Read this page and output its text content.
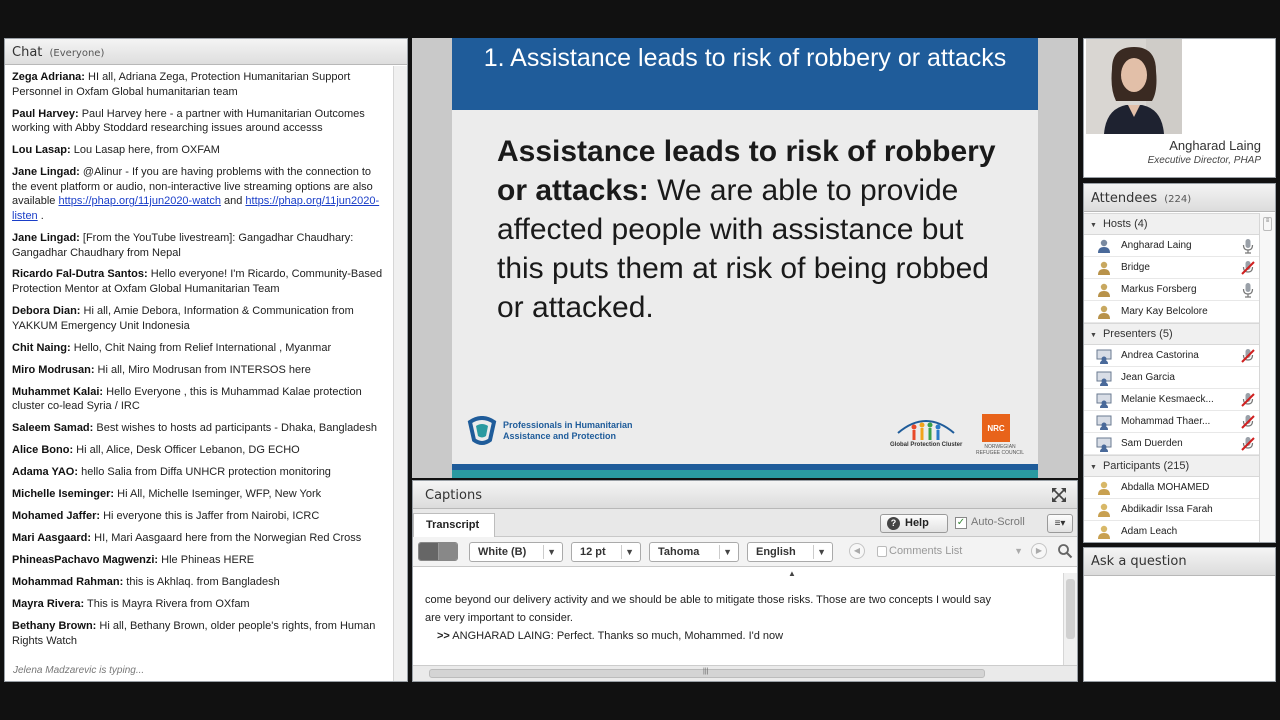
Chat (Everyone)
Zega Adriana: HI all, Adriana Zega, Protection Humanitarian Support Personnel in Oxfam Global humanitarian team
Paul Harvey: Paul Harvey here - a partner with Humanitarian Outcomes working with Abby Stoddard researching issues around accesss
Lou Lasap: Lou Lasap here, from OXFAM
Jane Lingad: @Alinur - If you are having problems with the connection to the event platform or audio, non-interactive live streaming options are also available https://phap.org/11jun2020-watch and https://phap.org/11jun2020-listen .
Jane Lingad: [From the YouTube livestream]: Gangadhar Chaudhary: Gangadhar Chaudhary from Nepal
Ricardo Fal-Dutra Santos: Hello everyone! I'm Ricardo, Community-Based Protection Mentor at Oxfam Global Humanitarian Team
Debora Dian: Hi all, Amie Debora, Information & Communication from YAKKUM Emergency Unit Indonesia
Chit Naing: Hello, Chit Naing from Relief International , Myanmar
Miro Modrusan: Hi all, Miro Modrusan from INTERSOS here
Muhammet Kalai: Hello Everyone , this is Muhammad Kalae protection cluster co-lead Syria / IRC
Saleem Samad: Best wishes to hosts ad participants - Dhaka, Bangladesh
Alice Bono: Hi all, Alice, Desk Officer Lebanon, DG ECHO
Adama YAO: hello Salia from Diffa UNHCR protection monitoring
Michelle Iseminger: Hi All, Michelle Iseminger, WFP, New York
Mohamed Jaffer: Hi everyone this is Jaffer from Nairobi, ICRC
Mari Aasgaard: HI, Mari Aasgaard here from the Norwegian Red Cross
PhineasPachavo Magwenzi: Hle Phineas HERE
Mohammad Rahman: this is Akhlaq. from Bangladesh
Mayra Rivera: This is Mayra Rivera from OXfam
Bethany Brown: Hi all, Bethany Brown, older people's rights, from Human Rights Watch
Jelena Madzarevic is typing...
1. Assistance leads to risk of robbery or attacks
Assistance leads to risk of robbery or attacks: We are able to provide affected people with assistance but this puts them at risk of being robbed or attacked.
Professionals in Humanitarian
Assistance and Protection
Global Protection Cluster
NRC
NORWEGIAN REFUGEE COUNCIL
Captions
Transcript	? Help	✓ Auto-Scroll	≡▾
White (B) ▼	12 pt ▼	Tahoma	▼	English ▼	◀	Comments List	▼	▶
▲
come beyond our delivery activity and we should be able to mitigate those risks. Those are two concepts I would say
are very important to consider.
>> ANGHARAD LAING: Perfect. Thanks so much, Mohammed. I'd now
|||
Angharad Laing
Executive Director, PHAP
Attendees (224)
▼ Hosts (4)
Angharad Laing
Bridge
Markus Forsberg
Mary Kay Belcolore
▼ Presenters (5)
Andrea Castorina
Jean Garcia
Melanie Kesmaeck...
Mohammad Thaer...
Sam Duerden
▼ Participants (215)
Abdalla MOHAMED
Abdikadir Issa Farah
Adam Leach
≡
Ask a question
